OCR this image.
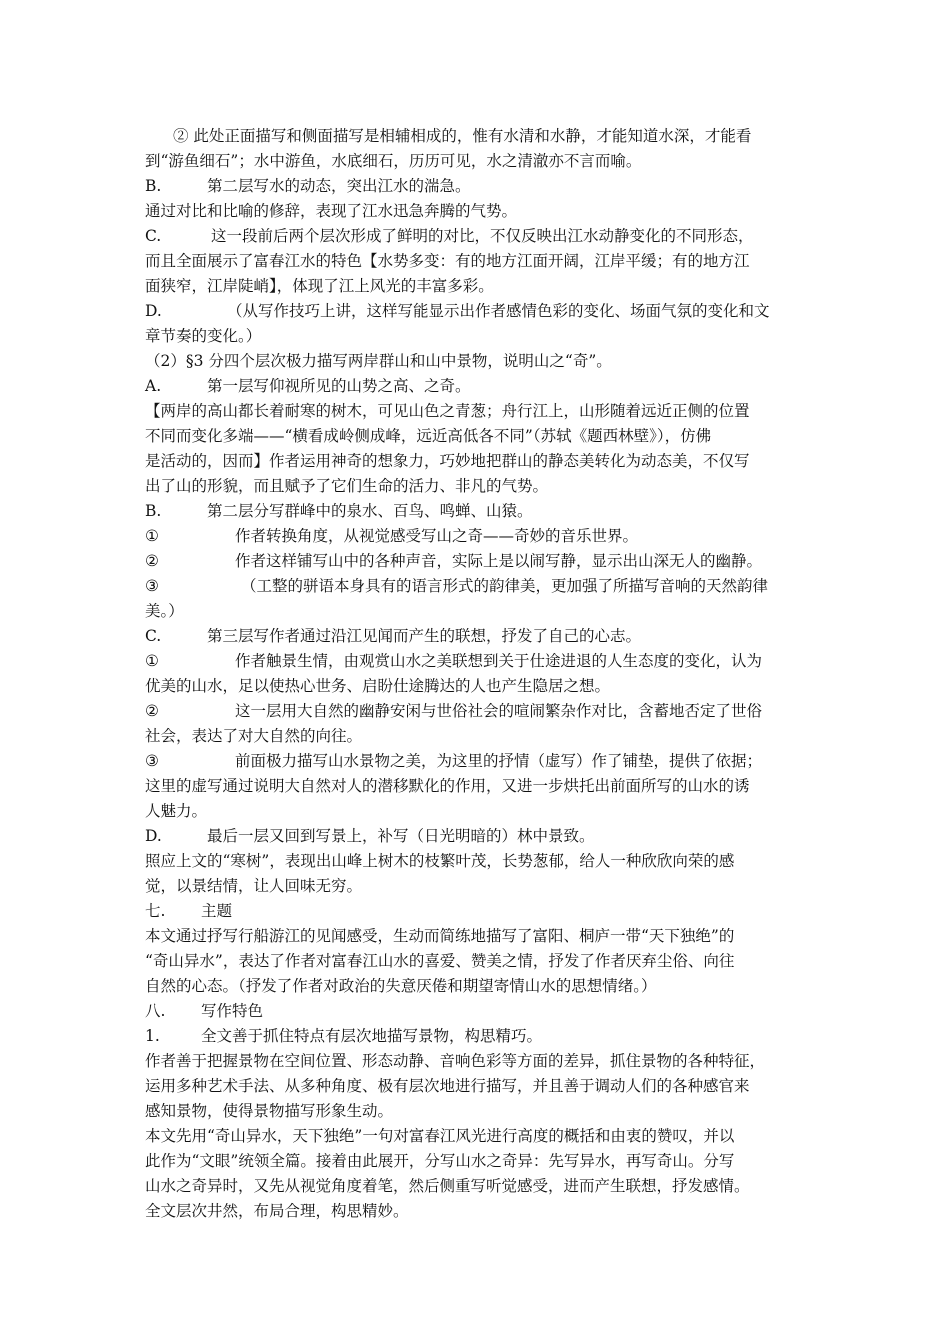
② 此处正面描写和侧面描写是相辅相成的，惟有水清和水静，才能知道水深，才能看
到“游鱼细石”；水中游鱼，水底细石，历历可见，水之清澈亦不言而喻。
B.	第二层写水的动态，突出江水的湍急。
通过对比和比喻的修辞，表现了江水迅急奔腾的气势。
C.	这一段前后两个层次形成了鲜明的对比，不仅反映出江水动静变化的不同形态，
而且全面展示了富春江水的特色【水势多变：有的地方江面开阔，江岸平缓；有的地方江
面狭窄，江岸陡峭】，体现了江上风光的丰富多彩。
D.	（从写作技巧上讲，这样写能显示出作者感情色彩的变化、场面气氛的变化和文
章节奏的变化。）
（2）§3 分四个层次极力描写两岸群山和山中景物，说明山之“奇”。
A.	第一层写仰视所见的山势之高、之奇。
【两岸的高山都长着耐寒的树木，可见山色之青葱；舟行江上，山形随着远近正侧的位置
不同而变化多端——“横看成岭侧成峰，远近高低各不同”（苏轼《题西林壁》），仿佛
是活动的，因而】作者运用神奇的想象力，巧妙地把群山的静态美转化为动态美，不仅写
出了山的形貌，而且赋予了它们生命的活力、非凡的气势。
B.	第二层分写群峰中的泉水、百鸟、鸣蝉、山猿。
①	作者转换角度，从视觉感受写山之奇——奇妙的音乐世界。
②	作者这样铺写山中的各种声音，实际上是以闹写静，显示出山深无人的幽静。
③	（工整的骈语本身具有的语言形式的韵律美，更加强了所描写音响的天然韵律
美。）
C.	第三层写作者通过沿江见闻而产生的联想，抒发了自己的心志。
①	作者触景生情，由观赏山水之美联想到关于仕途进退的人生态度的变化，认为
优美的山水，足以使热心世务、启盼仕途腾达的人也产生隐居之想。
②	这一层用大自然的幽静安闲与世俗社会的喧闹繁杂作对比，含蓄地否定了世俗
社会，表达了对大自然的向往。
③	前面极力描写山水景物之美，为这里的抒情（虚写）作了铺垫，提供了依据；
这里的虚写通过说明大自然对人的潜移默化的作用，又进一步烘托出前面所写的山水的诱
人魅力。
D.	最后一层又回到写景上，补写（日光明暗的）林中景致。
照应上文的“寒树”，表现出山峰上树木的枝繁叶茂，长势葱郁，给人一种欣欣向荣的感
觉，以景结情，让人回味无穷。
七. 主题
本文通过抒写行船游江的见闻感受，生动而简练地描写了富阳、桐庐一带“天下独绝”的
“奇山异水”，表达了作者对富春江山水的喜爱、赞美之情，抒发了作者厌弃尘俗、向往
自然的心态。（抒发了作者对政治的失意厌倦和期望寄情山水的思想情绪。）
八. 写作特色
1.	全文善于抓住特点有层次地描写景物，构思精巧。
作者善于把握景物在空间位置、形态动静、音响色彩等方面的差异，抓住景物的各种特征，
运用多种艺术手法、从多种角度、极有层次地进行描写，并且善于调动人们的各种感官来
感知景物，使得景物描写形象生动。
本文先用“奇山异水，天下独绝”一句对富春江风光进行高度的概括和由衷的赞叹，并以
此作为“文眼”统领全篇。接着由此展开，分写山水之奇异：先写异水，再写奇山。分写
山水之奇异时，又先从视觉角度着笔，然后侧重写听觉感受，进而产生联想，抒发感情。
全文层次井然，布局合理，构思精妙。
